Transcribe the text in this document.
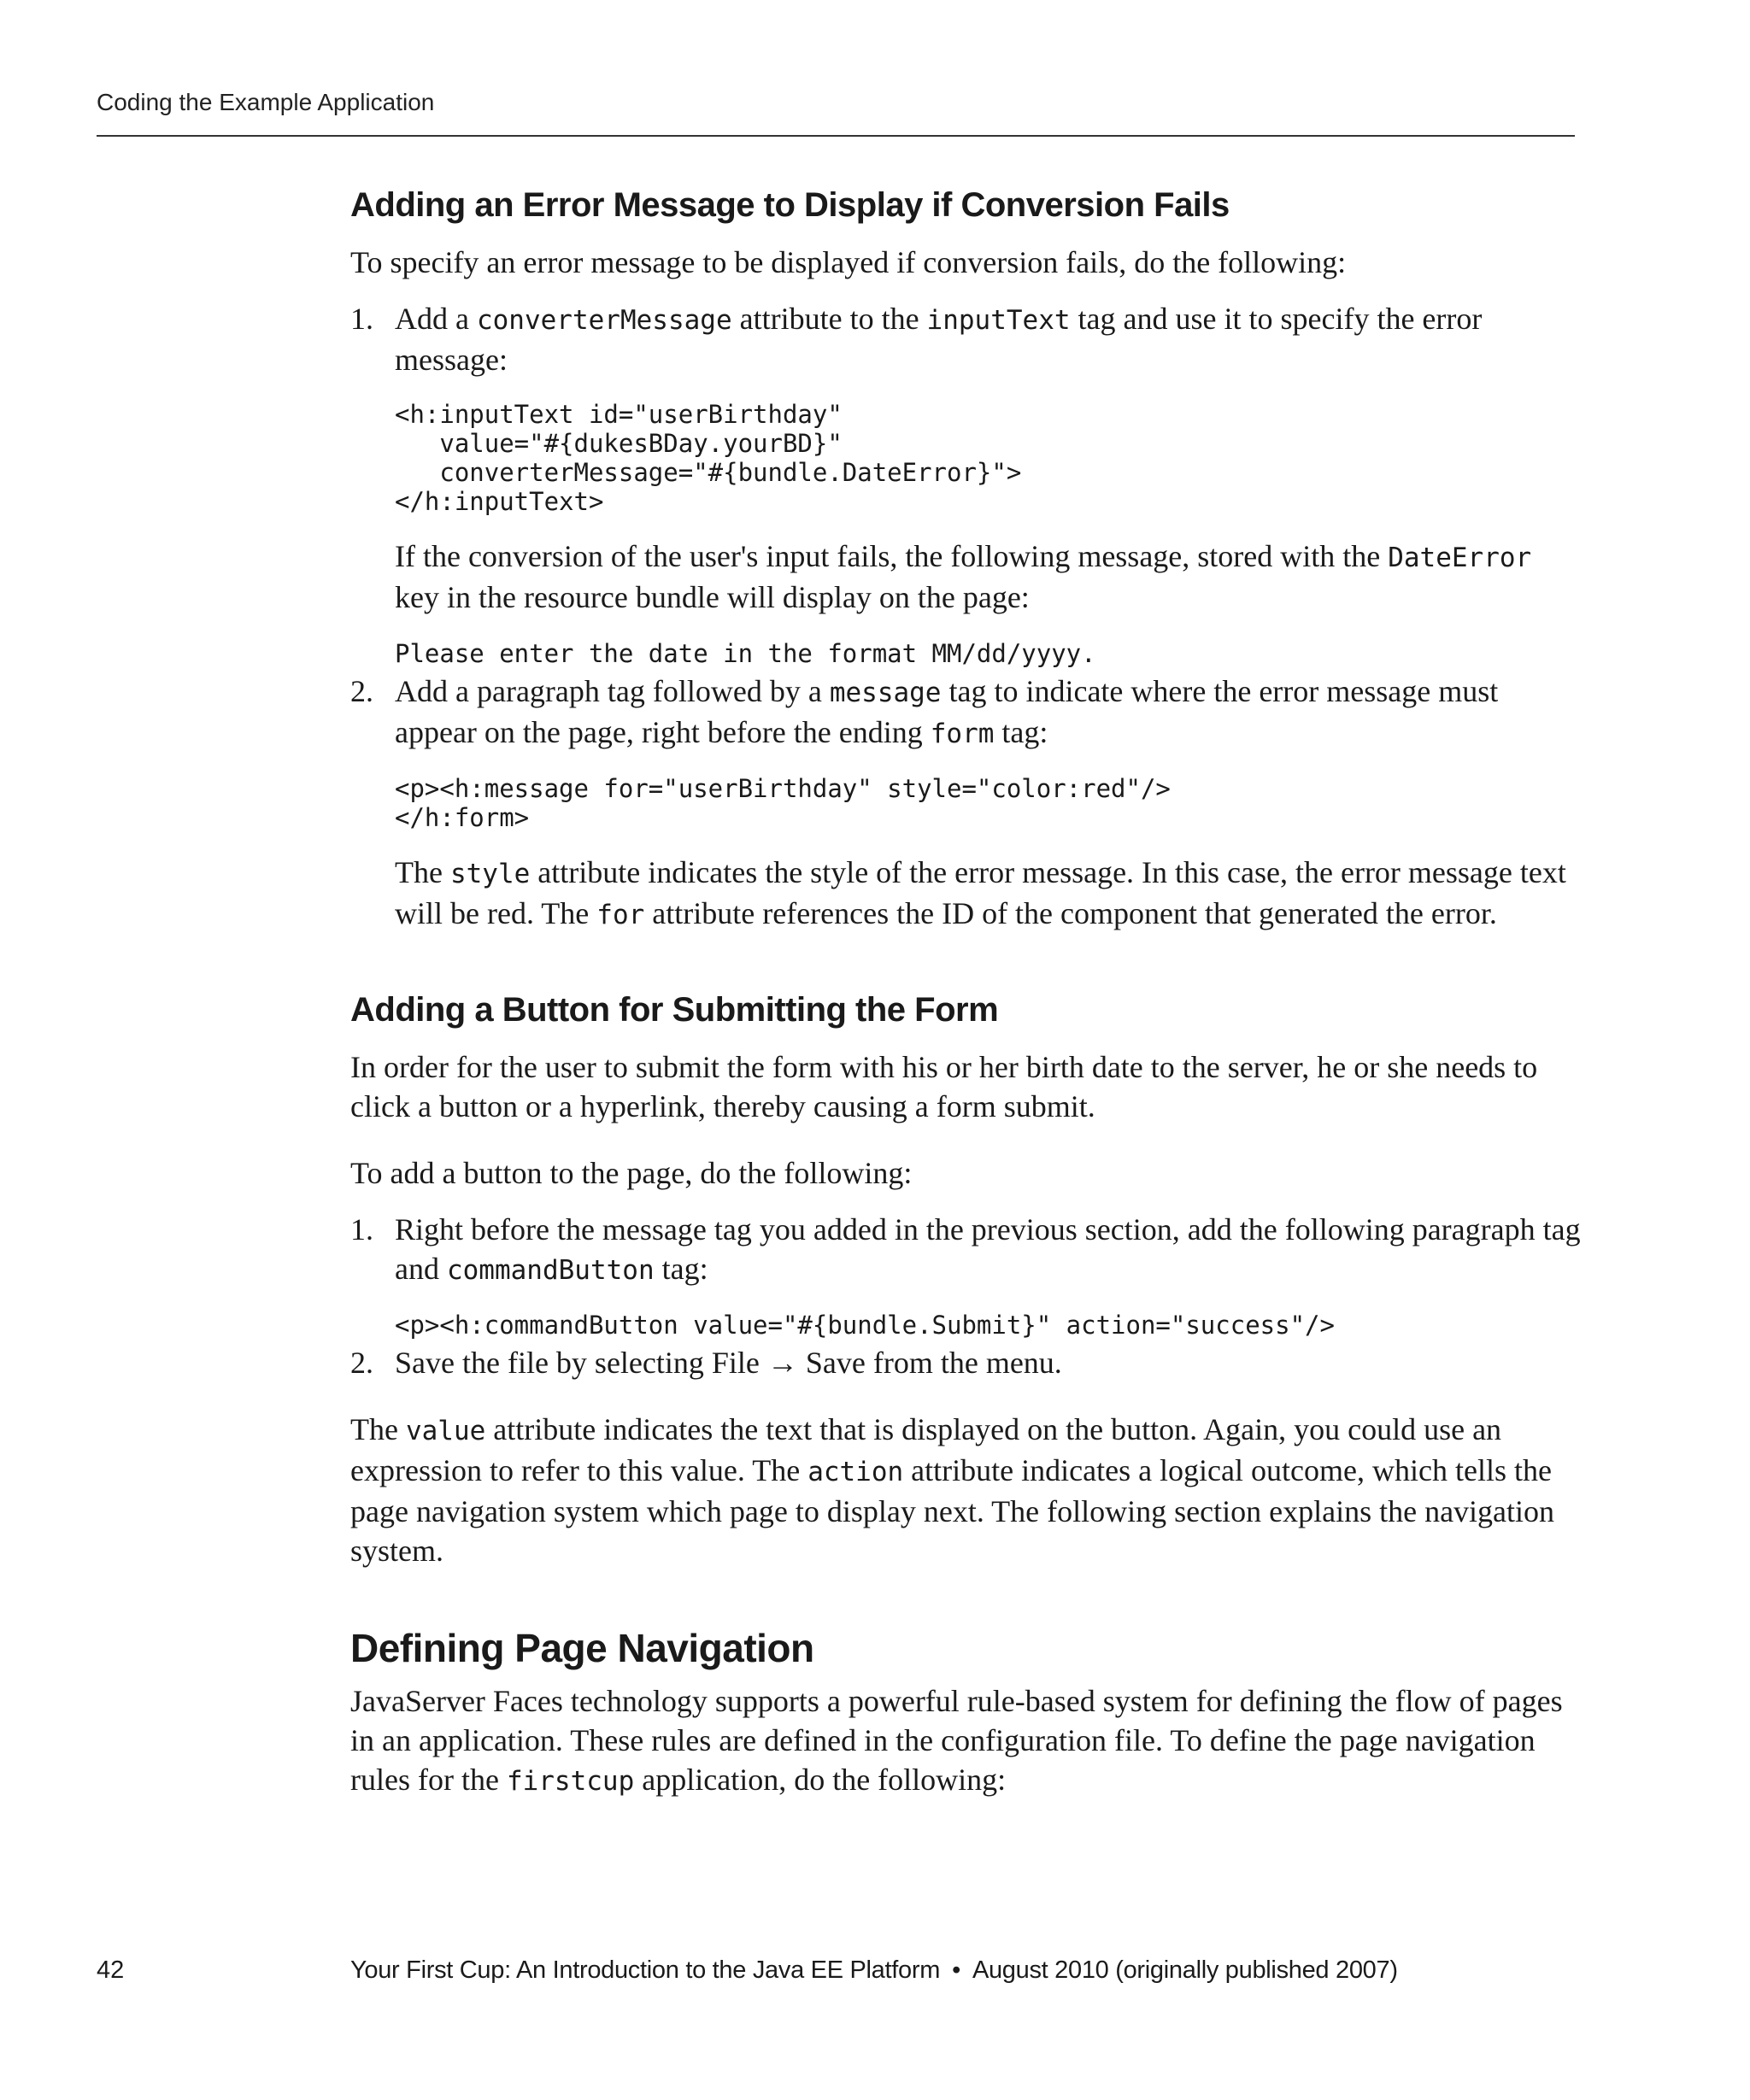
Coding the Example Application
Adding an Error Message to Display if Conversion Fails

To specify an error message to be displayed if conversion fails, do the following:

1. Add a converterMessage attribute to the inputText tag and use it to specify the error message:

<h:inputText id="userBirthday"
value="#{dukesBDay.yourBD}"
converterMessage="#{bundle.DateError}">
</h:inputText>

If the conversion of the user's input fails, the following message, stored with the DateError key in the resource bundle will display on the page:

Please enter the date in the format MM/dd/yyyy.
2. Add a paragraph tag followed by a message tag to indicate where the error message must appear on the page, right before the ending form tag:

<p><h:message for="userBirthday" style="color:red"/>
</h:form>

The style attribute indicates the style of the error message. In this case, the error message text will be red. The for attribute references the ID of the component that generated the error.

Adding a Button for Submitting the Form

In order for the user to submit the form with his or her birth date to the server, he or she needs to click a button or a hyperlink, thereby causing a form submit.

To add a button to the page, do the following:

1. Right before the message tag you added in the previous section, add the following paragraph tag and commandButton tag:

<p><h:commandButton value="#{bundle.Submit}" action="success"/>
2. Save the file by selecting File → Save from the menu.

The value attribute indicates the text that is displayed on the button. Again, you could use an expression to refer to this value. The action attribute indicates a logical outcome, which tells the page navigation system which page to display next. The following section explains the navigation system.

Defining Page Navigation

JavaServer Faces technology supports a powerful rule-based system for defining the flow of pages in an application. These rules are defined in the configuration file. To define the page navigation rules for the firstcup application, do the following:

42	Your First Cup: An Introduction to the Java EE Platform • August 2010 (originally published 2007)
